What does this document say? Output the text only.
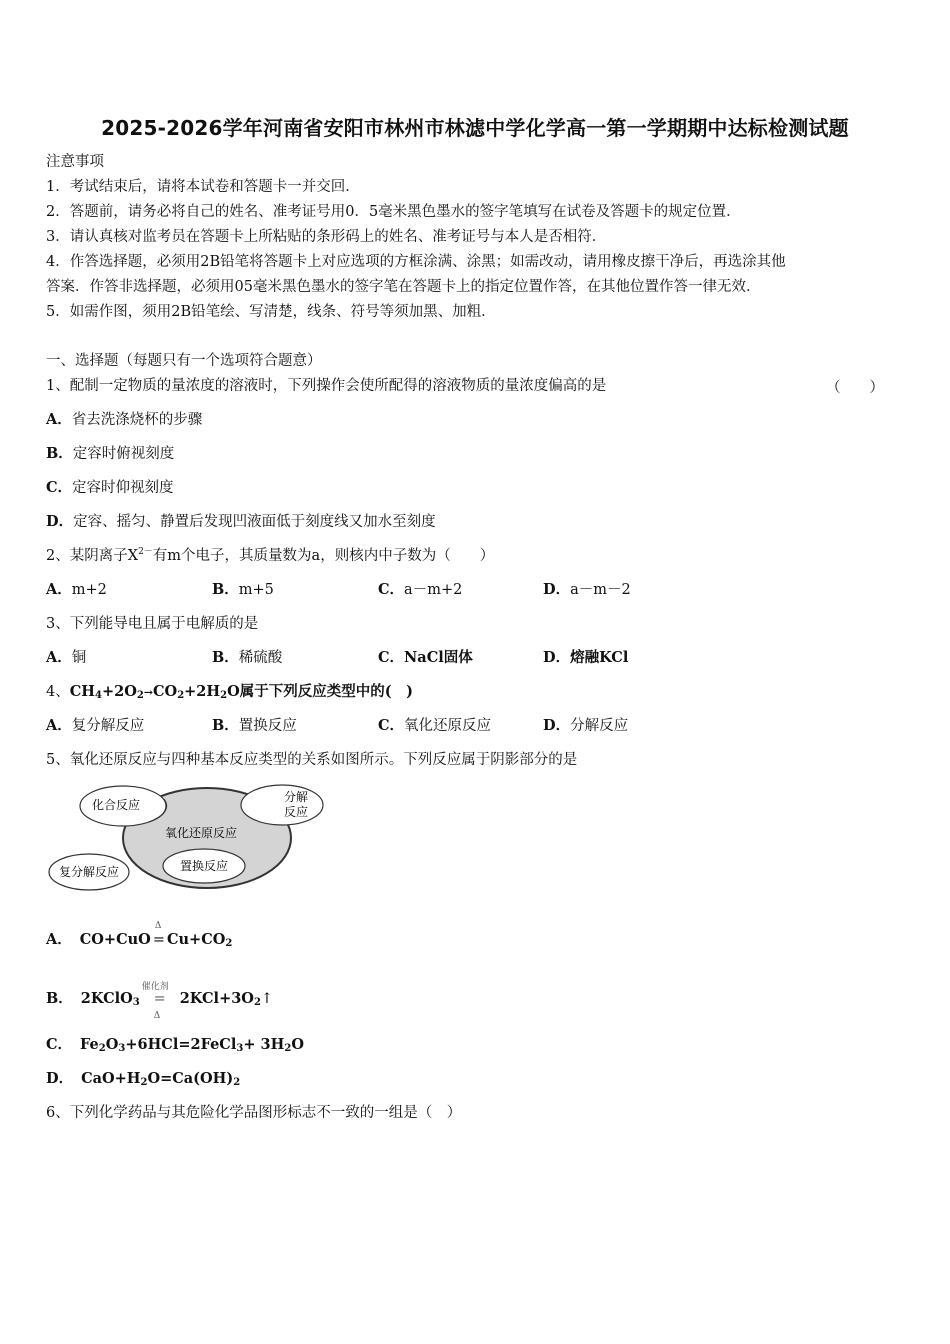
2025-2026学年河南省安阳市林州市林滤中学化学高一第一学期期中达标检测试题
注意事项
1．考试结束后，请将本试卷和答题卡一并交回．
2．答题前，请务必将自己的姓名、准考证号用0．5毫米黑色墨水的签字笔填写在试卷及答题卡的规定位置．
3．请认真核对监考员在答题卡上所粘贴的条形码上的姓名、准考证号与本人是否相符．
4．作答选择题，必须用2B铅笔将答题卡上对应选项的方框涂满、涂黑；如需改动，请用橡皮擦干净后，再选涂其他
答案．作答非选择题，必须用05毫米黑色墨水的签字笔在答题卡上的指定位置作答，在其他位置作答一律无效．
5．如需作图，须用2B铅笔绘、写清楚，线条、符号等须加黑、加粗．
一、选择题（每题只有一个选项符合题意）
1、配制一定物质的量浓度的溶液时，下列操作会使所配得的溶液物质的量浓度偏高的是	（　　）
A．省去洗涤烧杯的步骤
B．定容时俯视刻度
C．定容时仰视刻度
D．定容、摇匀、静置后发现凹液面低于刻度线又加水至刻度
2、某阴离子$X^{2-}$有m个电子，其质量数为a，则核内中子数为（　　）
A．m+2	B．m+5	C．a－m+2	D．a－m－2
3、下列能导电且属于电解质的是
A．铜	B．稀硫酸	C．NaCl固体	D．熔融KCl
4、$CH_4+2O_2\to CO_2+2H_2O$属于下列反应类型中的(　)
A．复分解反应	B．置换反应	C．氧化还原反应	D．分解反应
5、氧化还原反应与四种基本反应类型的关系如图所示。下列反应属于阴影部分的是
化合反应
分解
反应
氧化还原反应
置换反应
复分解反应
A． CO+CuO
Δ
= $Cu+CO_2$
B． 2KClO$_3$
催化剂
=
Δ
$2KCl+3O_2↑$
C． $Fe_2O_3+6HCl=2FeCl_3+ 3H_2O$
D． $CaO+H_2O=Ca(OH)_2$
6、下列化学药品与其危险化学品图形标志不一致的一组是（　）
